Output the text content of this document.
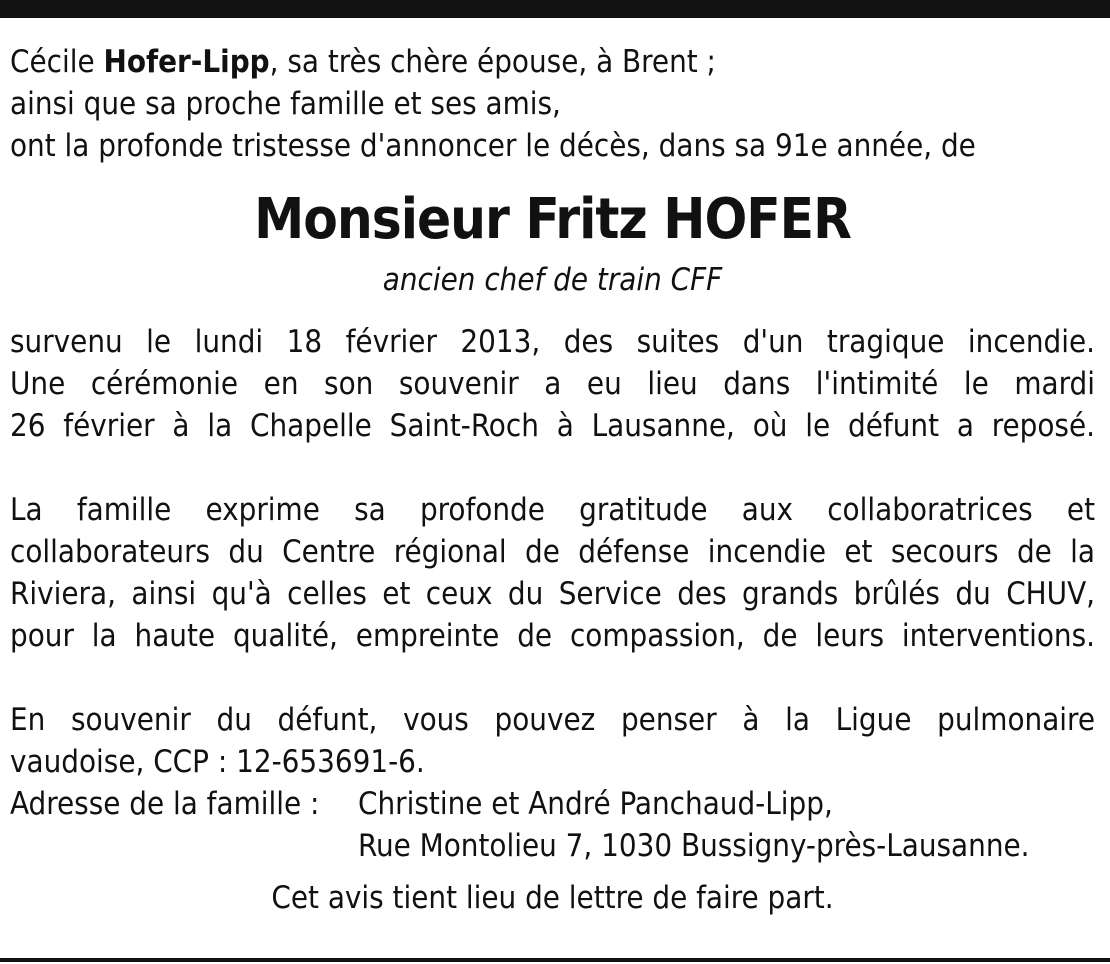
Cécile Hofer-Lipp, sa très chère épouse, à Brent ;
ainsi que sa proche famille et ses amis,
ont la profonde tristesse d'annoncer le décès, dans sa 91e année, de
Monsieur Fritz HOFER
ancien chef de train CFF
survenu le lundi 18 février 2013, des suites d'un tragique incendie.
Une cérémonie en son souvenir a eu lieu dans l'intimité le mardi
26 février à la Chapelle Saint-Roch à Lausanne, où le défunt a reposé.
La famille exprime sa profonde gratitude aux collaboratrices et
collaborateurs du Centre régional de défense incendie et secours de la
Riviera, ainsi qu'à celles et ceux du Service des grands brûlés du CHUV,
pour la haute qualité, empreinte de compassion, de leurs interventions.
En souvenir du défunt, vous pouvez penser à la Ligue pulmonaire
vaudoise, CCP : 12-653691-6.
Adresse de la famille :	Christine et André Panchaud-Lipp,
Rue Montolieu 7, 1030 Bussigny-près-Lausanne.
Cet avis tient lieu de lettre de faire part.
